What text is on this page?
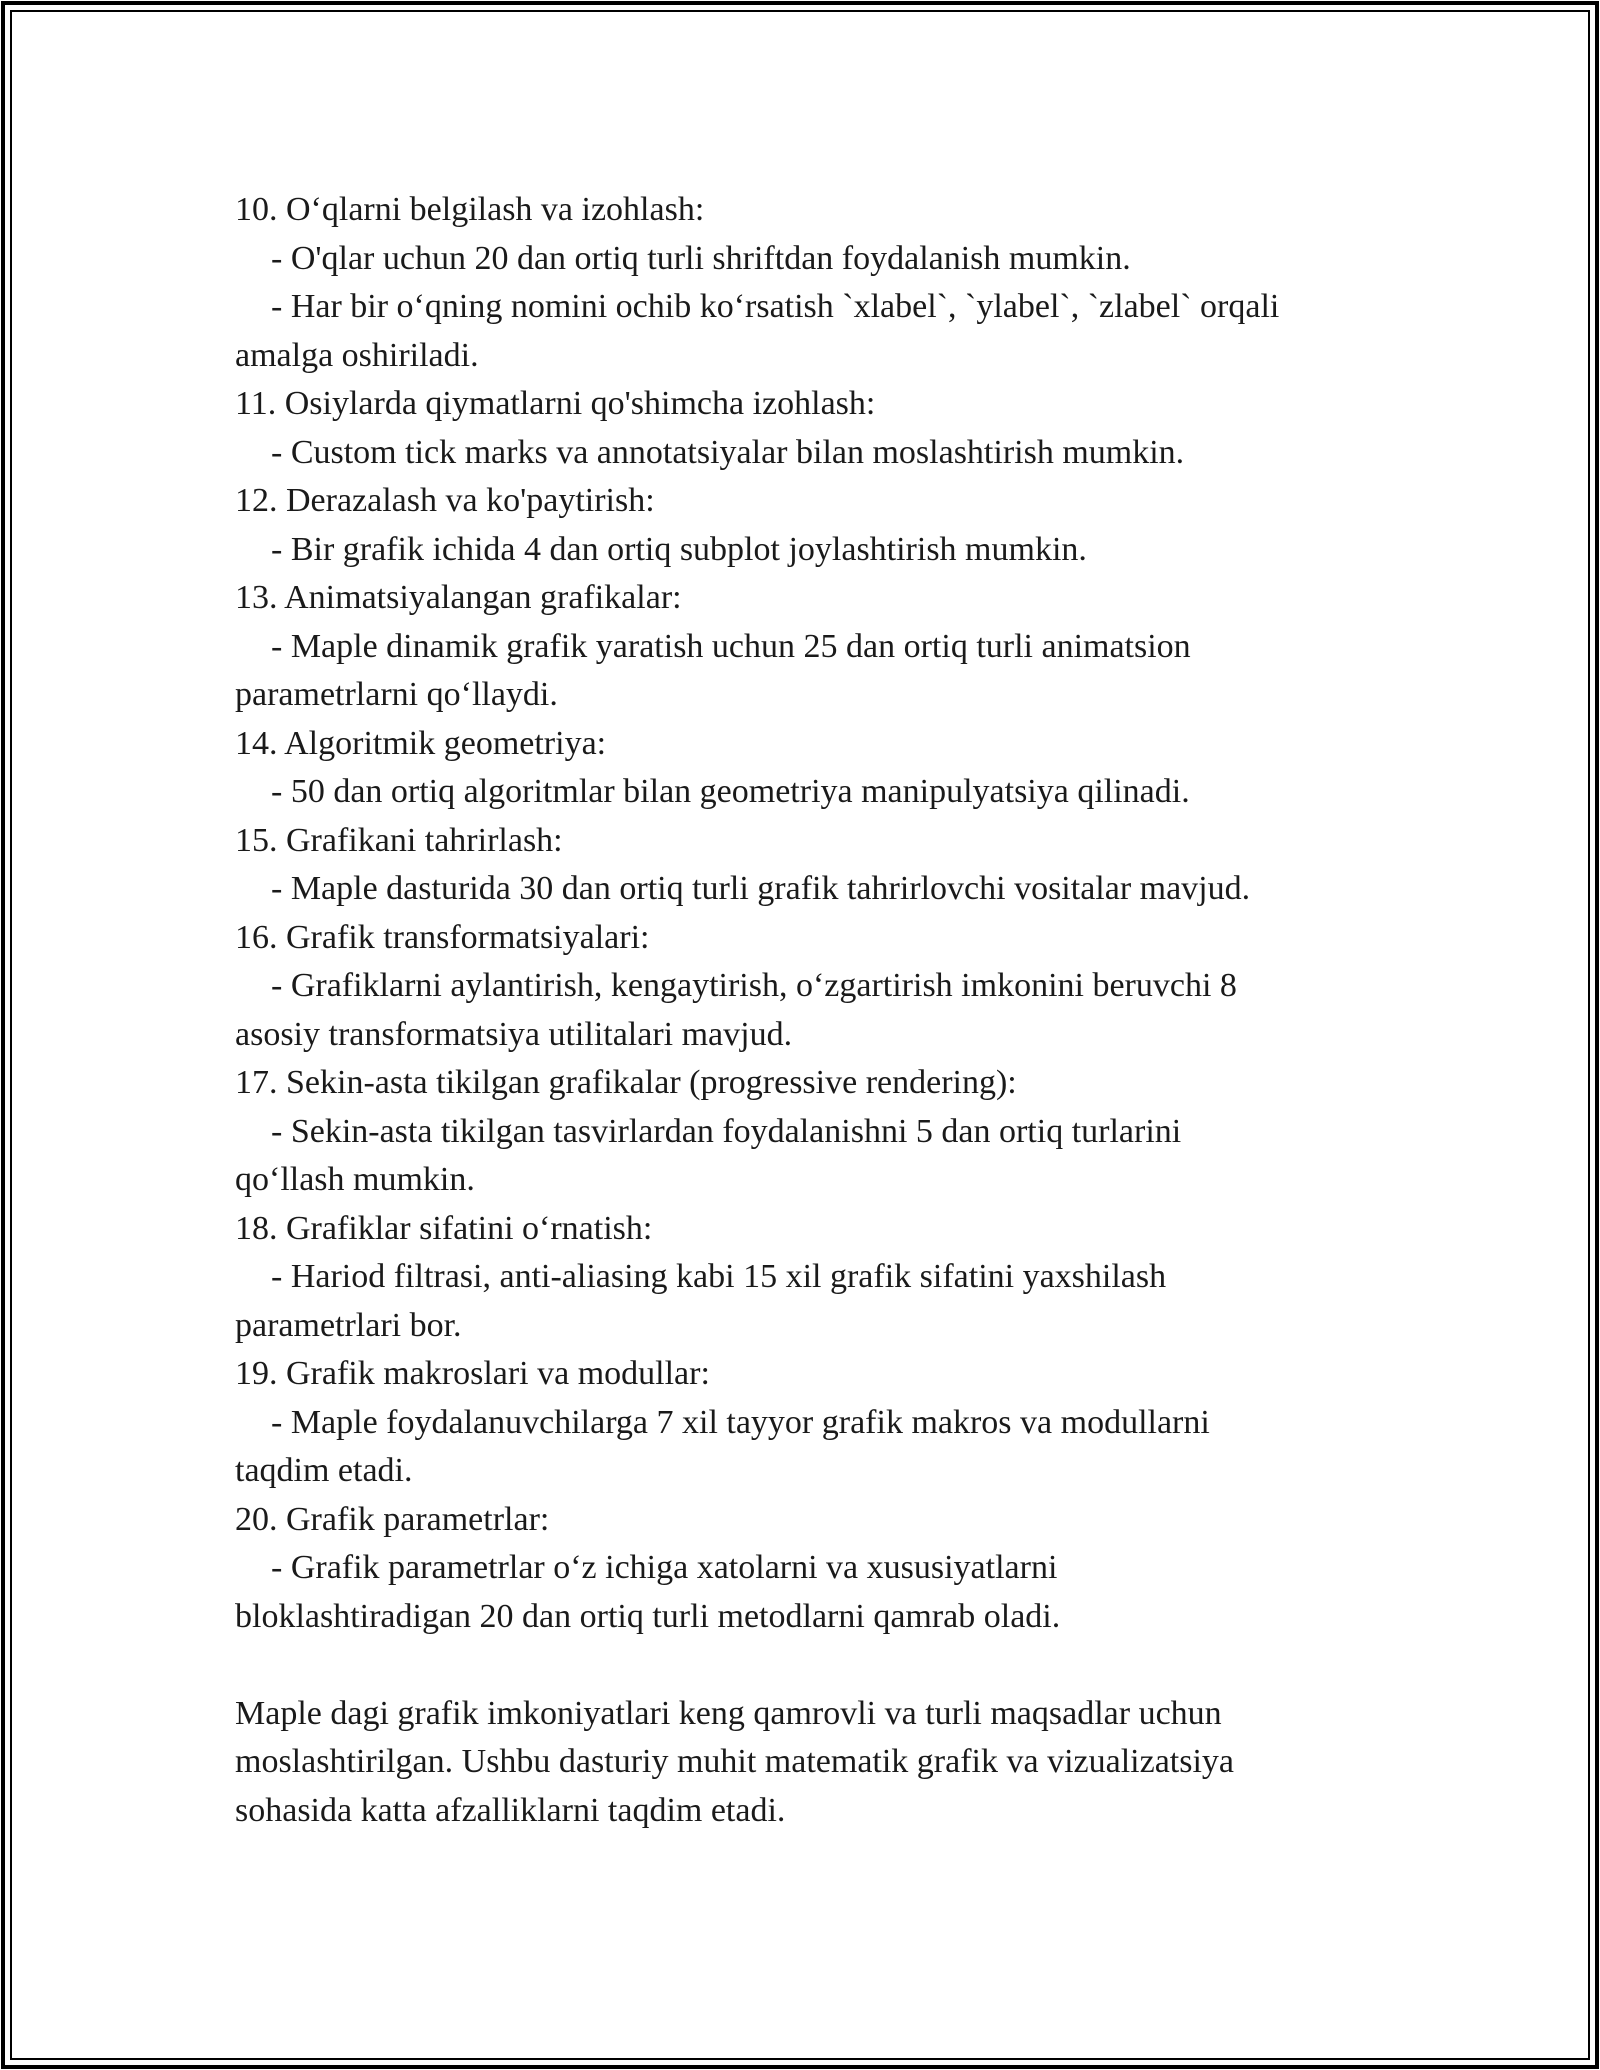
10. O‘qlarni belgilash va izohlash:
- O'qlar uchun 20 dan ortiq turli shriftdan foydalanish mumkin.
- Har bir o‘qning nomini ochib ko‘rsatish `xlabel`, `ylabel`, `zlabel` orqali
amalga oshiriladi.
11. Osiylarda qiymatlarni qo'shimcha izohlash:
- Custom tick marks va annotatsiyalar bilan moslashtirish mumkin.
12. Derazalash va ko'paytirish:
- Bir grafik ichida 4 dan ortiq subplot joylashtirish mumkin.
13. Animatsiyalangan grafikalar:
- Maple dinamik grafik yaratish uchun 25 dan ortiq turli animatsion
parametrlarni qo‘llaydi.
14. Algoritmik geometriya:
- 50 dan ortiq algoritmlar bilan geometriya manipulyatsiya qilinadi.
15. Grafikani tahrirlash:
- Maple dasturida 30 dan ortiq turli grafik tahrirlovchi vositalar mavjud.
16. Grafik transformatsiyalari:
- Grafiklarni aylantirish, kengaytirish, o‘zgartirish imkonini beruvchi 8
asosiy transformatsiya utilitalari mavjud.
17. Sekin-asta tikilgan grafikalar (progressive rendering):
- Sekin-asta tikilgan tasvirlardan foydalanishni 5 dan ortiq turlarini
qo‘llash mumkin.
18. Grafiklar sifatini o‘rnatish:
- Hariod filtrasi, anti-aliasing kabi 15 xil grafik sifatini yaxshilash
parametrlari bor.
19. Grafik makroslari va modullar:
- Maple foydalanuvchilarga 7 xil tayyor grafik makros va modullarni
taqdim etadi.
20. Grafik parametrlar:
- Grafik parametrlar o‘z ichiga xatolarni va xususiyatlarni
bloklashtiradigan 20 dan ortiq turli metodlarni qamrab oladi.
Maple dagi grafik imkoniyatlari keng qamrovli va turli maqsadlar uchun
moslashtirilgan. Ushbu dasturiy muhit matematik grafik va vizualizatsiya
sohasida katta afzalliklarni taqdim etadi.
